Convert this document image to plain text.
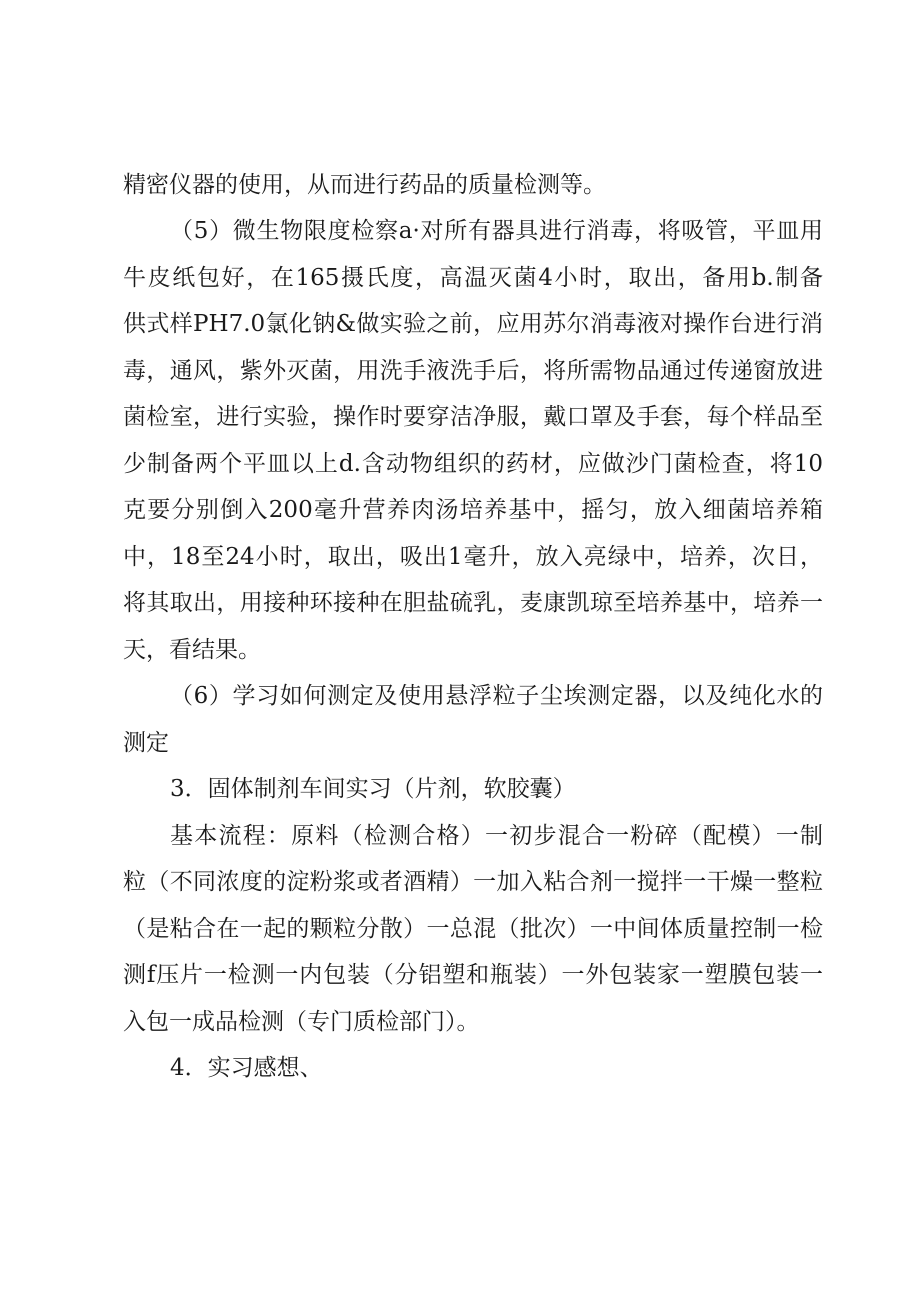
精密仪器的使用，从而进行药品的质量检测等。
（5）微生物限度检察a·对所有器具进行消毒，将吸管，平皿用
牛皮纸包好，在165摄氏度，高温灭菌4小时，取出，备用b.制备
供式样PH7.0氯化钠&做实验之前，应用苏尔消毒液对操作台进行消
毒，通风，紫外灭菌，用洗手液洗手后，将所需物品通过传递窗放进
菌检室，进行实验，操作时要穿洁净服，戴口罩及手套，每个样品至
少制备两个平皿以上d.含动物组织的药材，应做沙门菌检查，将10
克要分别倒入200毫升营养肉汤培养基中，摇匀，放入细菌培养箱
中，18至24小时，取出，吸出1毫升，放入亮绿中，培养，次日，
将其取出，用接种环接种在胆盐硫乳，麦康凯琼至培养基中，培养一
天，看结果。
（6）学习如何测定及使用悬浮粒子尘埃测定器，以及纯化水的
测定
3．固体制剂车间实习（片剂，软胶囊）
基本流程：原料（检测合格）一初步混合一粉碎（配模）一制
粒（不同浓度的淀粉浆或者酒精）一加入粘合剂一搅拌一干燥一整粒
（是粘合在一起的颗粒分散）一总混（批次）一中间体质量控制一检
测f压片一检测一内包装（分铝塑和瓶装）一外包装家一塑膜包装一
入包一成品检测（专门质检部门）。
4．实习感想、
